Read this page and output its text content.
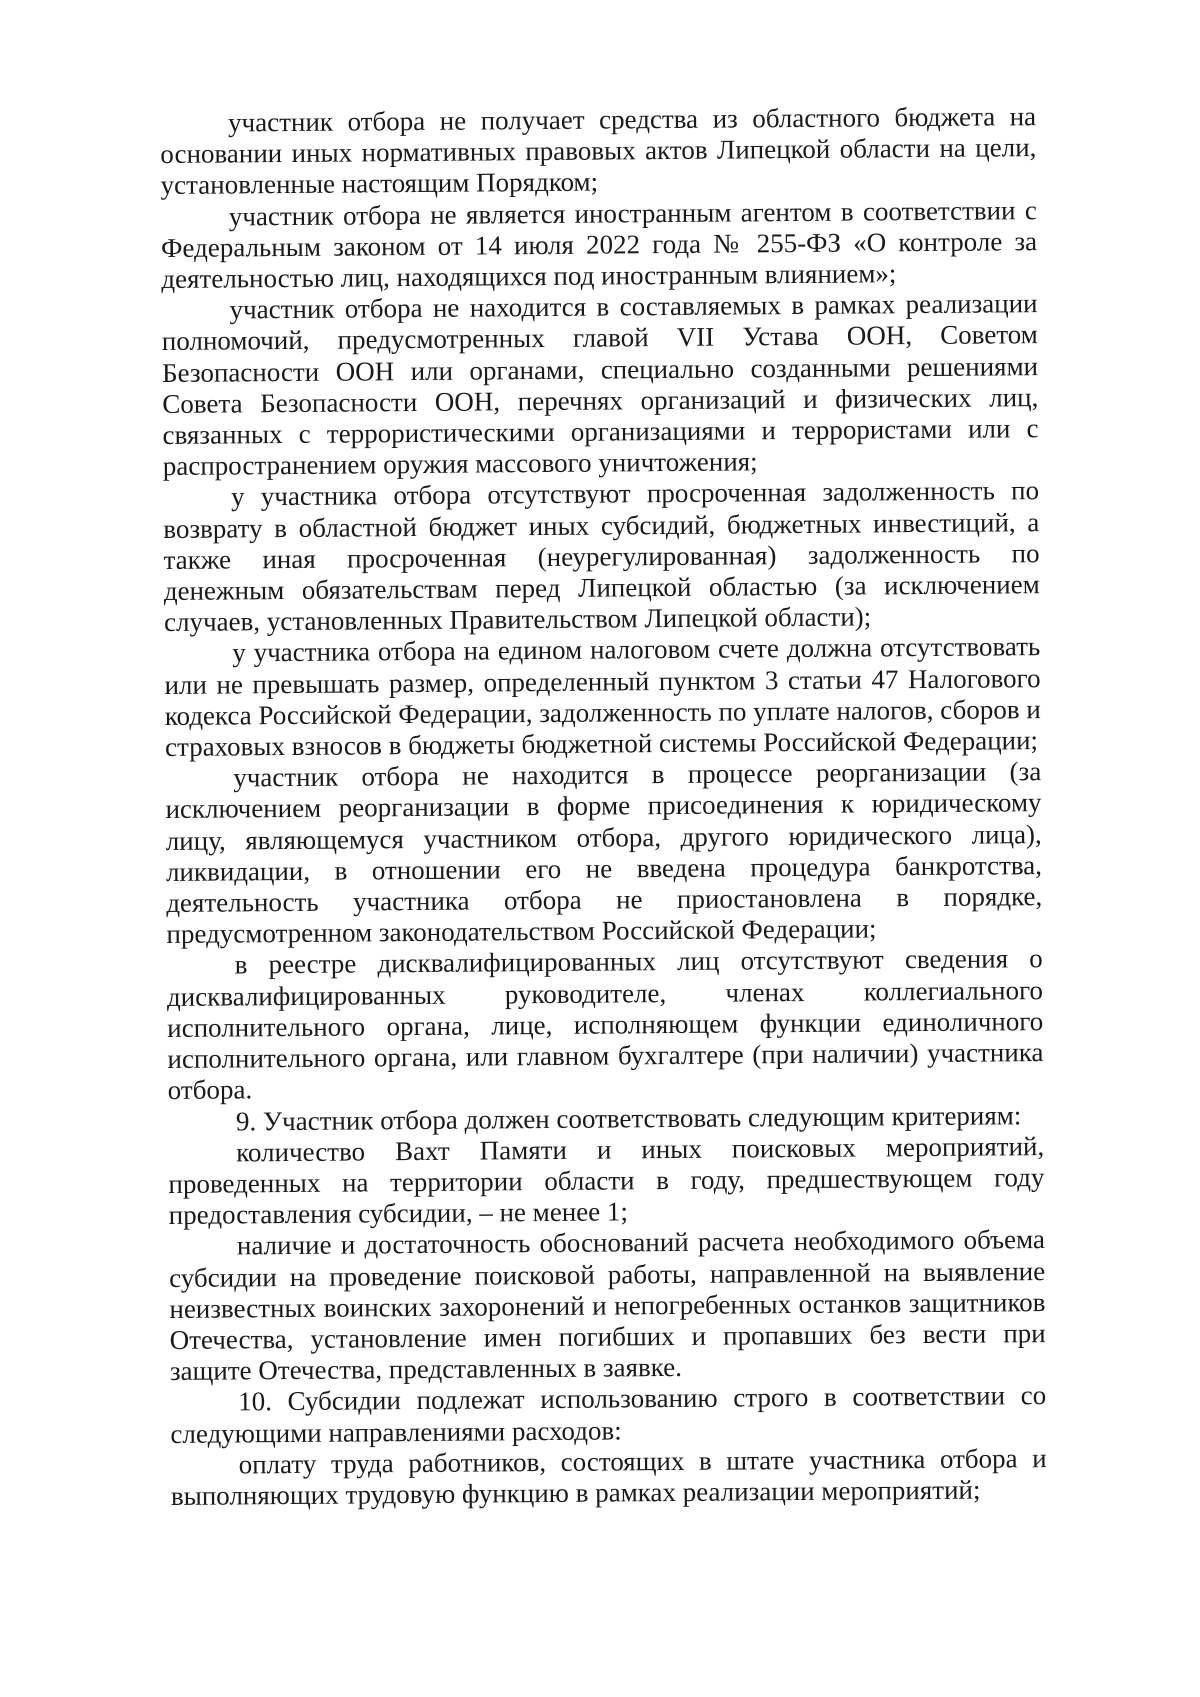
участник отбора не получает средства из областного бюджета на основании иных нормативных правовых актов Липецкой области на цели, установленные настоящим Порядком;

участник отбора не является иностранным агентом в соответствии с Федеральным законом от 14 июля 2022 года № 255-ФЗ «О контроле за деятельностью лиц, находящихся под иностранным влиянием»;

участник отбора не находится в составляемых в рамках реализации полномочий, предусмотренных главой VII Устава ООН, Советом Безопасности ООН или органами, специально созданными решениями Совета Безопасности ООН, перечнях организаций и физических лиц, связанных с террористическими организациями и террористами или с распространением оружия массового уничтожения;

у участника отбора отсутствуют просроченная задолженность по возврату в областной бюджет иных субсидий, бюджетных инвестиций, а также иная просроченная (неурегулированная) задолженность по денежным обязательствам перед Липецкой областью (за исключением случаев, установленных Правительством Липецкой области);

у участника отбора на едином налоговом счете должна отсутствовать или не превышать размер, определенный пунктом 3 статьи 47 Налогового кодекса Российской Федерации, задолженность по уплате налогов, сборов и страховых взносов в бюджеты бюджетной системы Российской Федерации;

участник отбора не находится в процессе реорганизации (за исключением реорганизации в форме присоединения к юридическому лицу, являющемуся участником отбора, другого юридического лица), ликвидации, в отношении его не введена процедура банкротства, деятельность участника отбора не приостановлена в порядке, предусмотренном законодательством Российской Федерации;

в реестре дисквалифицированных лиц отсутствуют сведения о дисквалифицированных руководителе, членах коллегиального исполнительного органа, лице, исполняющем функции единоличного исполнительного органа, или главном бухгалтере (при наличии) участника отбора.

9. Участник отбора должен соответствовать следующим критериям:

количество Вахт Памяти и иных поисковых мероприятий, проведенных на территории области в году, предшествующем году предоставления субсидии, – не менее 1;

наличие и достаточность обоснований расчета необходимого объема субсидии на проведение поисковой работы, направленной на выявление неизвестных воинских захоронений и непогребенных останков защитников Отечества, установление имен погибших и пропавших без вести при защите Отечества, представленных в заявке.

10. Субсидии подлежат использованию строго в соответствии со следующими направлениями расходов:

оплату труда работников, состоящих в штате участника отбора и выполняющих трудовую функцию в рамках реализации мероприятий;
